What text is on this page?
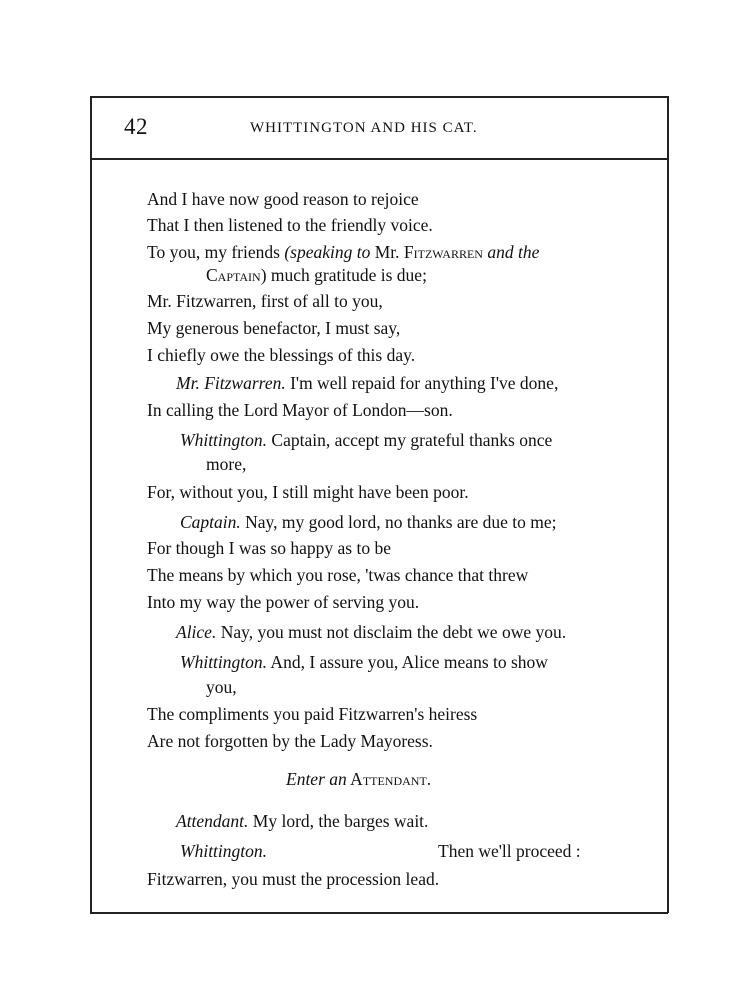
42	WHITTINGTON AND HIS CAT.
And I have now good reason to rejoice
That I then listened to the friendly voice.
To you, my friends (speaking to Mr. Fitzwarren and the
Captain) much gratitude is due;
Mr. Fitzwarren, first of all to you,
My generous benefactor, I must say,
I chiefly owe the blessings of this day.
Mr. Fitzwarren. I'm well repaid for anything I've done,
In calling the Lord Mayor of London—son.
Whittington. Captain, accept my grateful thanks once
more,
For, without you, I still might have been poor.
Captain. Nay, my good lord, no thanks are due to me;
For though I was so happy as to be
The means by which you rose, 'twas chance that threw
Into my way the power of serving you.
Alice. Nay, you must not disclaim the debt we owe you.
Whittington. And, I assure you, Alice means to show
you,
The compliments you paid Fitzwarren's heiress
Are not forgotten by the Lady Mayoress.
Enter an Attendant.
Attendant. My lord, the barges wait.
Whittington.	Then we'll proceed :
Fitzwarren, you must the procession lead.
